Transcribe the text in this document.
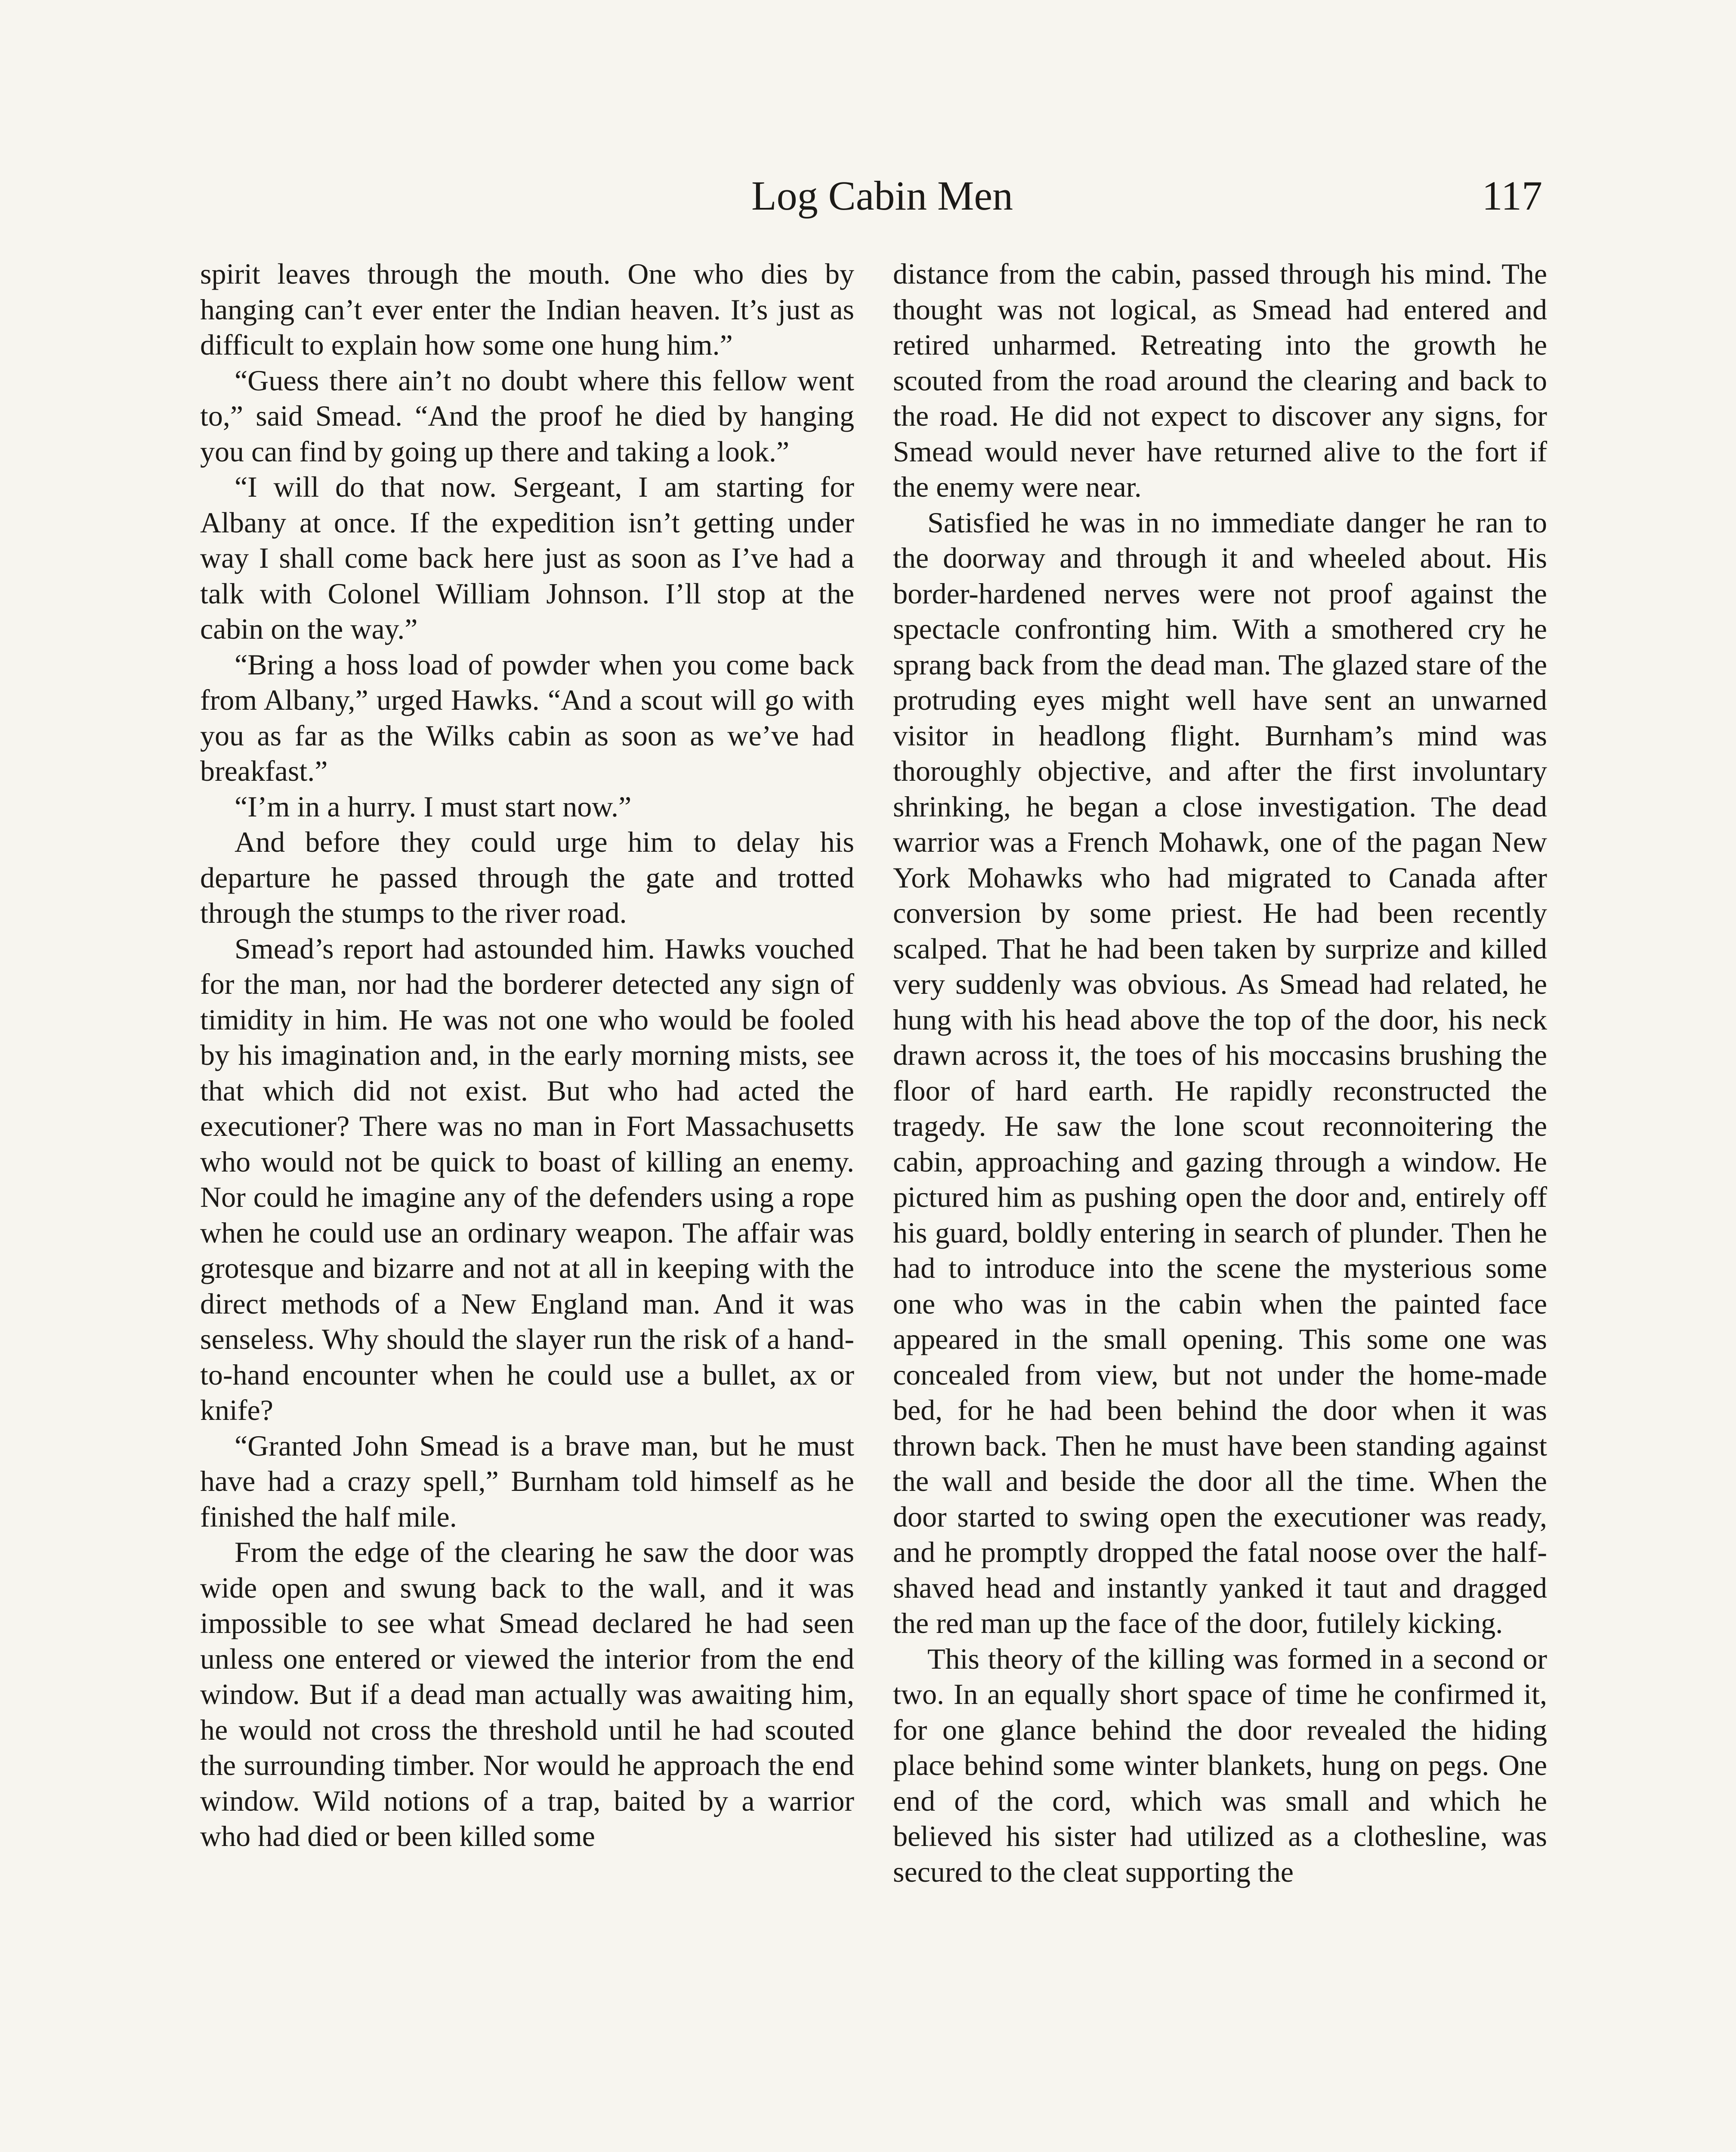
Log Cabin Men	117

spirit leaves through the mouth. One who dies by hanging can’t ever enter the Indian heaven. It’s just as difficult to explain how some one hung him.”

“Guess there ain’t no doubt where this fellow went to,” said Smead. “And the proof he died by hanging you can find by going up there and taking a look.”

“I will do that now. Sergeant, I am starting for Albany at once. If the expedition isn’t getting under way I shall come back here just as soon as I’ve had a talk with Colonel William Johnson. I’ll stop at the cabin on the way.”

“Bring a hoss load of powder when you come back from Albany,” urged Hawks. “And a scout will go with you as far as the Wilks cabin as soon as we’ve had breakfast.”

“I’m in a hurry. I must start now.”

And before they could urge him to delay his departure he passed through the gate and trotted through the stumps to the river road.

Smead’s report had astounded him. Hawks vouched for the man, nor had the borderer detected any sign of timidity in him. He was not one who would be fooled by his imagination and, in the early morning mists, see that which did not exist. But who had acted the executioner? There was no man in Fort Massachusetts who would not be quick to boast of killing an enemy. Nor could he imagine any of the defenders using a rope when he could use an ordinary weapon. The affair was grotesque and bizarre and not at all in keeping with the direct methods of a New England man. And it was senseless. Why should the slayer run the risk of a hand-to-hand encounter when he could use a bullet, ax or knife?

“Granted John Smead is a brave man, but he must have had a crazy spell,” Burnham told himself as he finished the half mile.

From the edge of the clearing he saw the door was wide open and swung back to the wall, and it was impossible to see what Smead declared he had seen unless one entered or viewed the interior from the end window. But if a dead man actually was awaiting him, he would not cross the threshold until he had scouted the surrounding timber. Nor would he approach the end window. Wild notions of a trap, baited by a warrior who had died or been killed some

distance from the cabin, passed through his mind. The thought was not logical, as Smead had entered and retired unharmed. Retreating into the growth he scouted from the road around the clearing and back to the road. He did not expect to discover any signs, for Smead would never have returned alive to the fort if the enemy were near.

Satisfied he was in no immediate danger he ran to the doorway and through it and wheeled about. His border-hardened nerves were not proof against the spectacle confronting him. With a smothered cry he sprang back from the dead man. The glazed stare of the protruding eyes might well have sent an unwarned visitor in headlong flight. Burnham’s mind was thoroughly objective, and after the first involuntary shrinking, he began a close investigation. The dead warrior was a French Mohawk, one of the pagan New York Mohawks who had migrated to Canada after conversion by some priest. He had been recently scalped. That he had been taken by surprize and killed very suddenly was obvious. As Smead had related, he hung with his head above the top of the door, his neck drawn across it, the toes of his moccasins brushing the floor of hard earth. He rapidly reconstructed the tragedy. He saw the lone scout reconnoitering the cabin, approaching and gazing through a window. He pictured him as pushing open the door and, entirely off his guard, boldly entering in search of plunder. Then he had to introduce into the scene the mysterious some one who was in the cabin when the painted face appeared in the small opening. This some one was concealed from view, but not under the home-made bed, for he had been behind the door when it was thrown back. Then he must have been standing against the wall and beside the door all the time. When the door started to swing open the executioner was ready, and he promptly dropped the fatal noose over the half-shaved head and instantly yanked it taut and dragged the red man up the face of the door, futilely kicking.

This theory of the killing was formed in a second or two. In an equally short space of time he confirmed it, for one glance behind the door revealed the hiding place behind some winter blankets, hung on pegs. One end of the cord, which was small and which he believed his sister had utilized as a clothesline, was secured to the cleat supporting the
